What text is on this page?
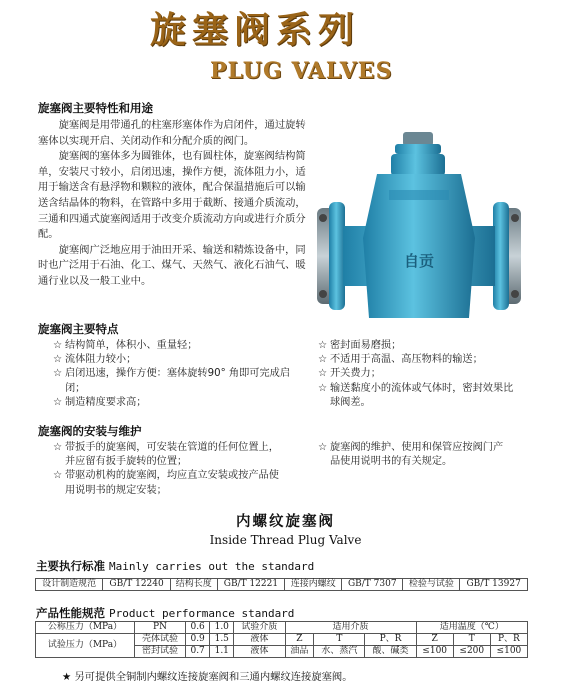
旋塞阀系列
PLUG VALVES
旋塞阀主要特性和用途

旋塞阀是用带通孔的柱塞形塞体作为启闭件，通过旋转塞体以实现开启、关闭动作和分配介质的阀门。

旋塞阀的塞体多为圆锥体，也有圆柱体，旋塞阀结构简单，安装尺寸较小，启闭迅速，操作方便，流体阻力小，适用于输送含有悬浮物和颗粒的液体，配合保温措施后可以输送含结晶体的物料，在管路中多用于截断、接通介质流动，三通和四通式旋塞阀适用于改变介质流动方向或进行介质分配。

旋塞阀广泛地应用于油田开采、输送和精炼设备中，同时也广泛用于石油、化工、煤气、天然气、液化石油气、暖通行业以及一般工业中。

自贡
旋塞阀主要特点
☆ 结构简单，体积小、重量轻；
☆ 流体阻力较小；
☆ 启闭迅速，操作方便：塞体旋转90° 角即可完成启闭；
☆ 制造精度要求高；
☆ 密封面易磨损；
☆ 不适用于高温、高压物料的输送；
☆ 开关费力；
☆ 输送黏度小的流体或气体时，密封效果比球阀差。
旋塞阀的安装与维护
☆ 带扳手的旋塞阀，可安装在管道的任何位置上，并应留有扳手旋转的位置；
☆ 带驱动机构的旋塞阀，均应直立安装或按产品使用说明书的规定安装；
☆ 旋塞阀的维护、使用和保管应按阀门产品使用说明书的有关规定。
内螺纹旋塞阀
Inside Thread Plug Valve
主要执行标准 Mainly carries out the standard
设计制造规范	GB/T 12240	结构长度	GB/T 12221	连接内螺纹	GB/T 7307	检验与试验	GB/T 13927
产品性能规范 Product performance standard
公称压力（MPa）	PN	0.6	1.0	试验介质	适用介质			适用温度（℃）		
试验压力（MPa）	壳体试验	0.9	1.5	液体	Z	T	P、R	Z	T	P、R
	密封试验	0.7	1.1	液体	油品	水、蒸汽	酸、碱类	≤100	≤200	≤100
★ 另可提供全铜制内螺纹连接旋塞阀和三通内螺纹连接旋塞阀。
